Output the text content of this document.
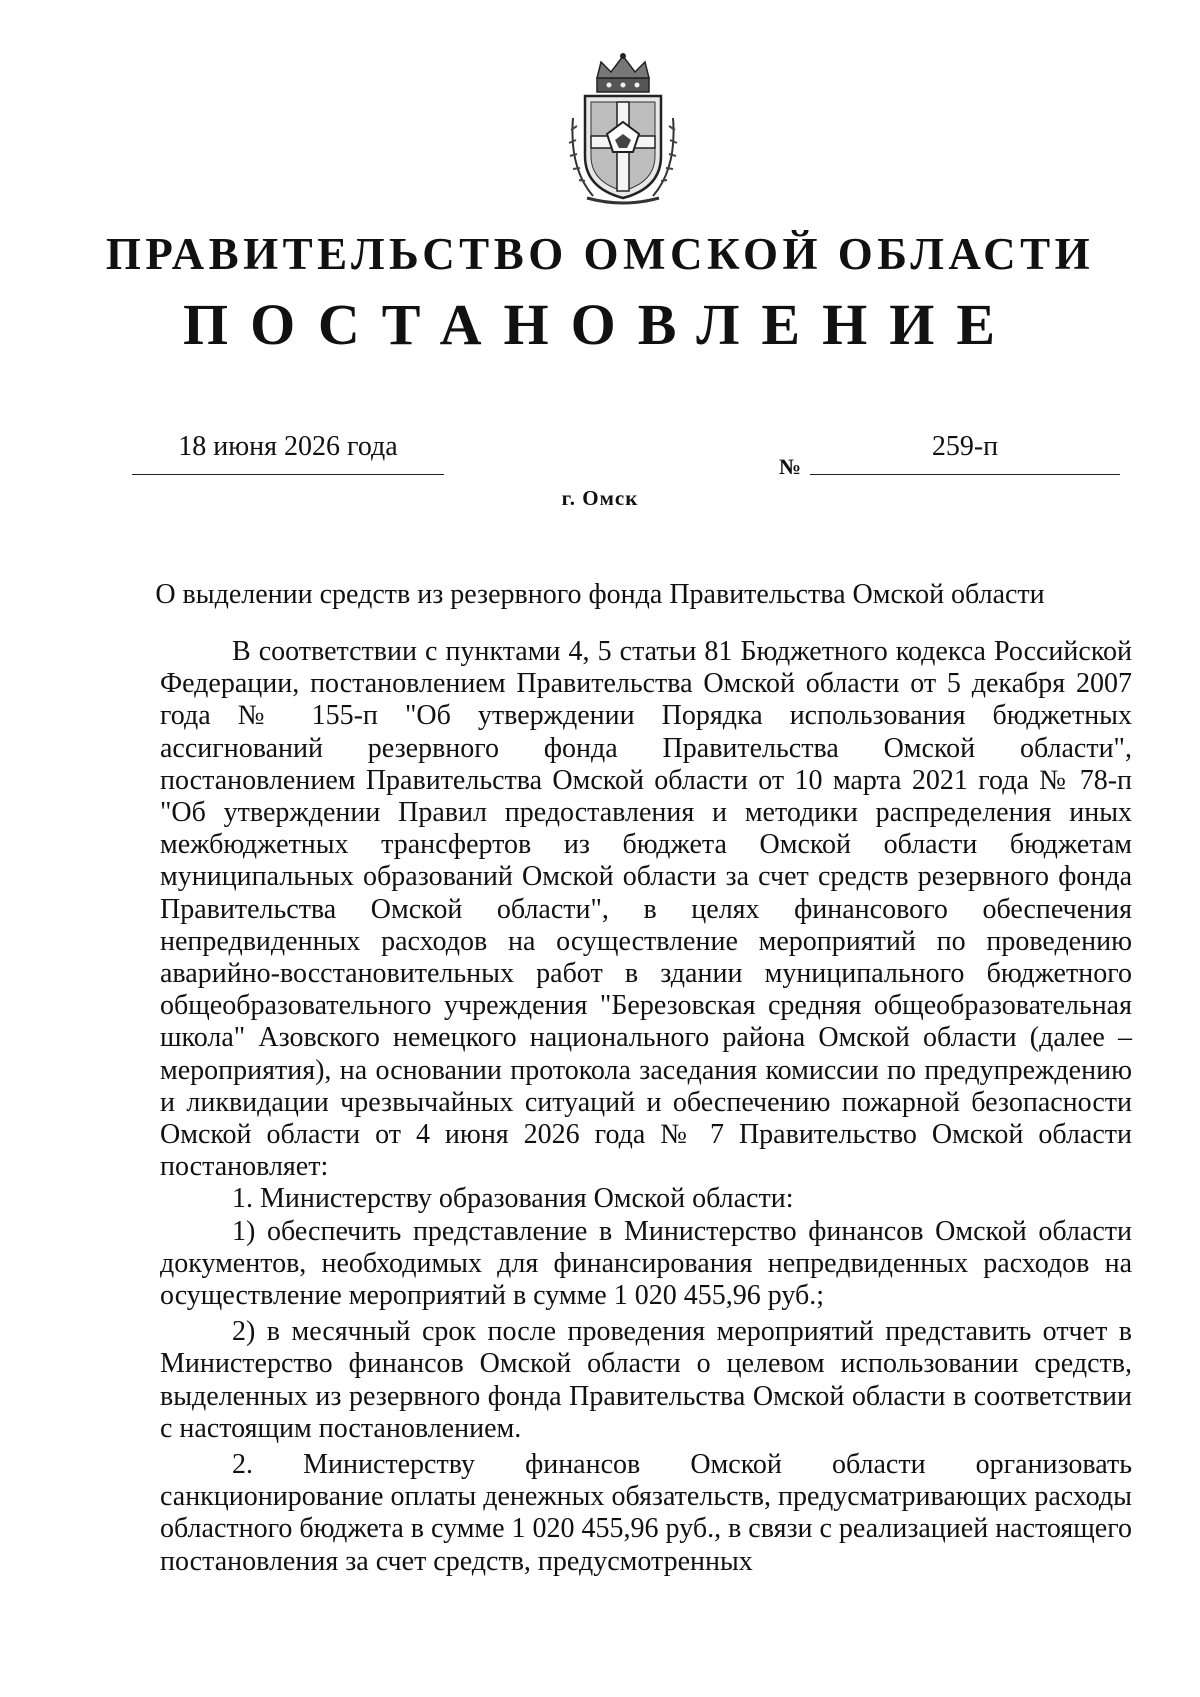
ПРАВИТЕЛЬСТВО ОМСКОЙ ОБЛАСТИ
ПОСТАНОВЛЕНИЕ
18 июня 2026 года
№
259-п
г. Омск
О выделении средств из резервного фонда Правительства Омской области

В соответствии с пунктами 4, 5 статьи 81 Бюджетного кодекса Российской Федерации, постановлением Правительства Омской области от 5 декабря 2007 года № 155-п "Об утверждении Порядка использования бюджетных ассигнований резервного фонда Правительства Омской области", постановлением Правительства Омской области от 10 марта 2021 года № 78-п "Об утверждении Правил предоставления и методики распределения иных межбюджетных трансфертов из бюджета Омской области бюджетам муниципальных образований Омской области за счет средств резервного фонда Правительства Омской области", в целях финансового обеспечения непредвиденных расходов на осуществление мероприятий по проведению аварийно-восстановительных работ в здании муниципального бюджетного общеобразовательного учреждения "Березовская средняя общеобразовательная школа" Азовского немецкого национального района Омской области (далее – мероприятия), на основании протокола заседания комиссии по предупреждению и ликвидации чрезвычайных ситуаций и обеспечению пожарной безопасности Омской области от 4 июня 2026 года № 7 Правительство Омской области постановляет:

1. Министерству образования Омской области:

1) обеспечить представление в Министерство финансов Омской области документов, необходимых для финансирования непредвиденных расходов на осуществление мероприятий в сумме 1 020 455,96 руб.;

2) в месячный срок после проведения мероприятий представить отчет в Министерство финансов Омской области о целевом использовании средств, выделенных из резервного фонда Правительства Омской области в соответствии с настоящим постановлением.

2. Министерству финансов Омской области организовать санкционирование оплаты денежных обязательств, предусматривающих расходы областного бюджета в сумме 1 020 455,96 руб., в связи с реализацией настоящего постановления за счет средств, предусмотренных
